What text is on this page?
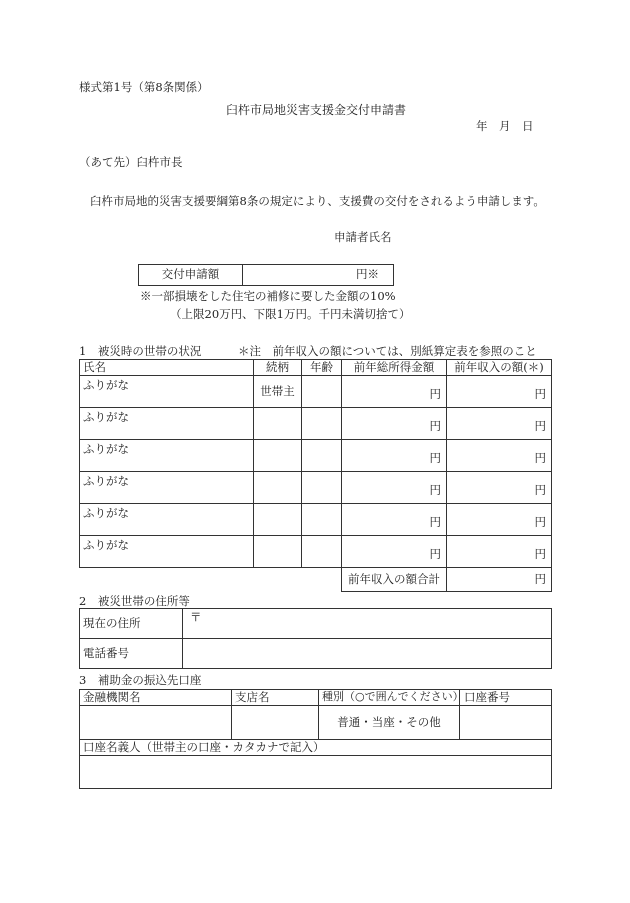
様式第1号（第8条関係）
臼杵市局地災害支援金交付申請書
年　月　日
（あて先）臼杵市長
臼杵市局地的災害支援要綱第8条の規定により、支援費の交付をされるよう申請します。
申請者氏名
交付申請額	円※
※一部損壊をした住宅の補修に要した金額の10%
（上限20万円、下限1万円。千円未満切捨て）
1　被災時の世帯の状況	＊注　前年収入の額については、別紙算定表を参照のこと
氏名	続柄	年齢	前年総所得金額	前年収入の額(＊)
ふりがな	世帯主		円	円
ふりがな			円	円
ふりがな			円	円
ふりがな			円	円
ふりがな			円	円
ふりがな			円	円
			前年収入の額合計	円
2　被災世帯の住所等
現在の住所	〒
電話番号	
3　補助金の振込先口座
金融機関名	支店名	種別（○で囲んでください）	口座番号
		普通・当座・その他	
口座名義人（世帯主の口座・カタカナで記入）			
